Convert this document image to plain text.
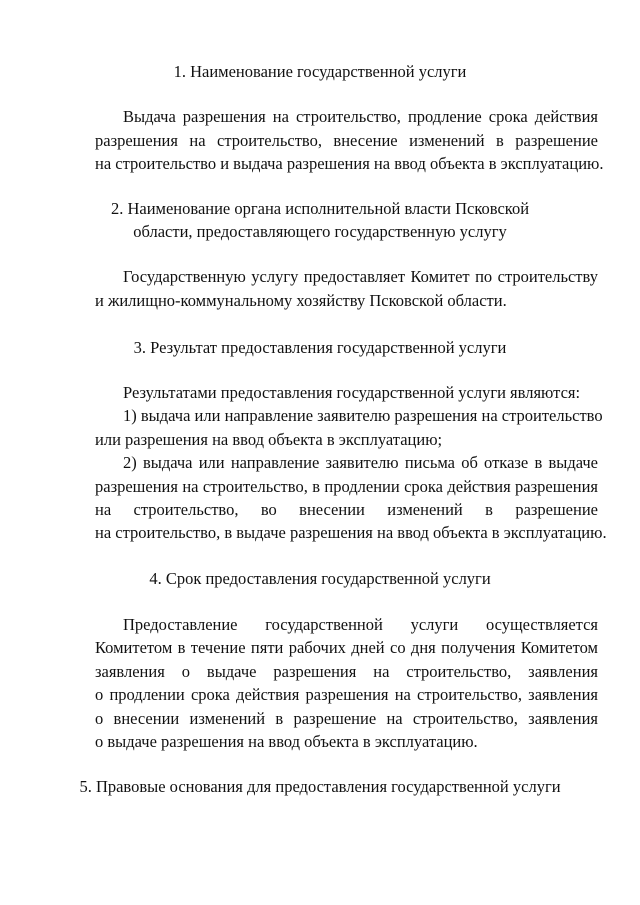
1. Наименование государственной услуги
Выдача разрешения на строительство, продление срока действия
разрешения на строительство, внесение изменений в разрешение
на строительство и выдача разрешения на ввод объекта в эксплуатацию.
2. Наименование органа исполнительной власти Псковской
области, предоставляющего государственную услугу
Государственную услугу предоставляет Комитет по строительству
и жилищно-коммунальному хозяйству Псковской области.
3. Результат предоставления государственной услуги
Результатами предоставления государственной услуги являются:
1) выдача или направление заявителю разрешения на строительство
или разрешения на ввод объекта в эксплуатацию;
2) выдача или направление заявителю письма об отказе в выдаче
разрешения на строительство, в продлении срока действия разрешения
на строительство, во внесении изменений в разрешение
на строительство, в выдаче разрешения на ввод объекта в эксплуатацию.
4. Срок предоставления государственной услуги
Предоставление государственной услуги осуществляется
Комитетом в течение пяти рабочих дней со дня получения Комитетом
заявления о выдаче разрешения на строительство, заявления
о продлении срока действия разрешения на строительство, заявления
о внесении изменений в разрешение на строительство, заявления
о выдаче разрешения на ввод объекта в эксплуатацию.
5. Правовые основания для предоставления государственной услуги
